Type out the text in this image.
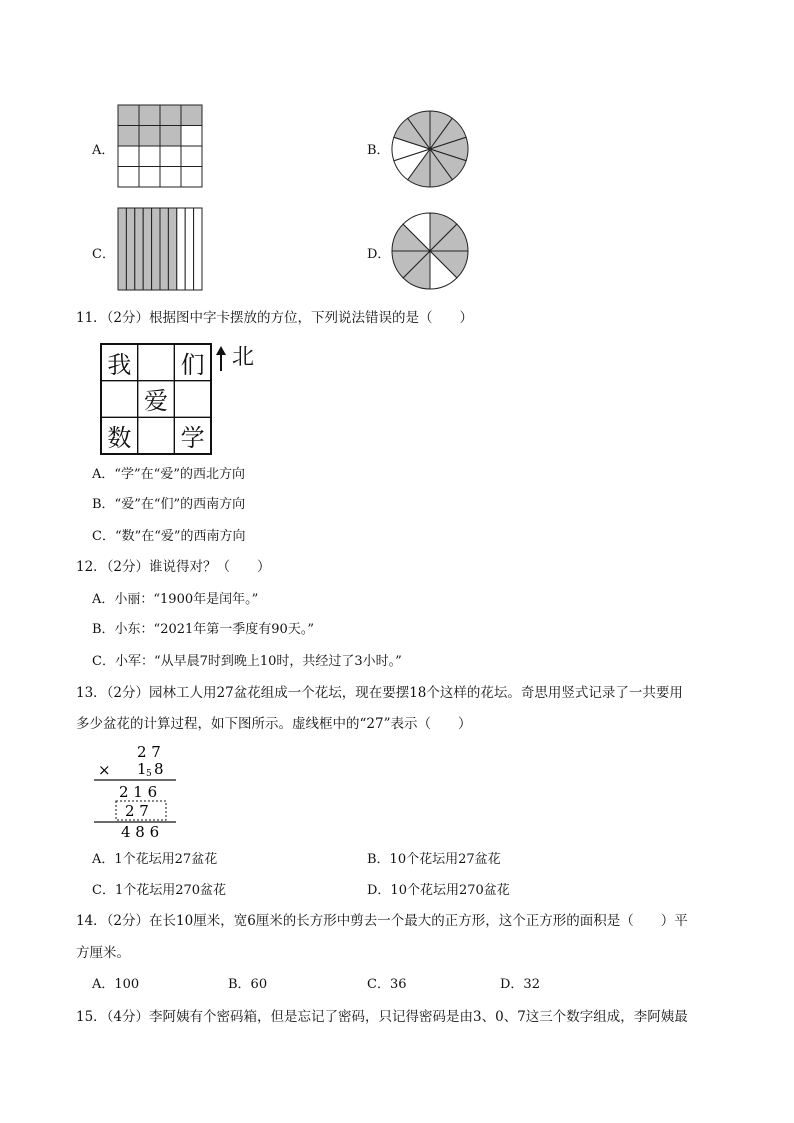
A．	B．
C．	D．
11．（2分）根据图中字卡摆放的方位，下列说法错误的是（　　）
我 们
爱
数 学
北
A．“学”在“爱”的西北方向
B．“爱”在“们”的西南方向
C．“数”在“爱”的西南方向
12．（2分）谁说得对？（　　）
A．小丽：“1900年是闰年。”
B．小东：“2021年第一季度有90天。”
C．小军：“从早晨7时到晚上10时，共经过了3小时。”
13．（2分）园林工人用27盆花组成一个花坛，现在要摆18个这样的花坛。奇思用竖式记录了一共要用
多少盆花的计算过程，如下图所示。虚线框中的“27”表示（　　）
2 7
× 1 5 8
2 1 6
2 7
4 8 6
A．1个花坛用27盆花	B．10个花坛用27盆花
C．1个花坛用270盆花	D．10个花坛用270盆花
14．（2分）在长10厘米，宽6厘米的长方形中剪去一个最大的正方形，这个正方形的面积是（　　）平
方厘米。
A．100	B．60	C．36	D．32
15．（4分）李阿姨有个密码箱，但是忘记了密码，只记得密码是由3、0、7这三个数字组成，李阿姨最
